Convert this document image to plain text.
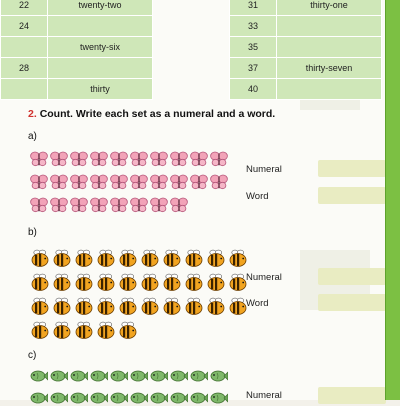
22	twenty-two
24	
	twenty-six
28	
	thirty
31	thirty-one
33	
35	
37	thirty-seven
40	
2. Count. Write each set as a numeral and a word.
a)
Numeral
Word
b)
Numeral
Word
c)
Numeral
